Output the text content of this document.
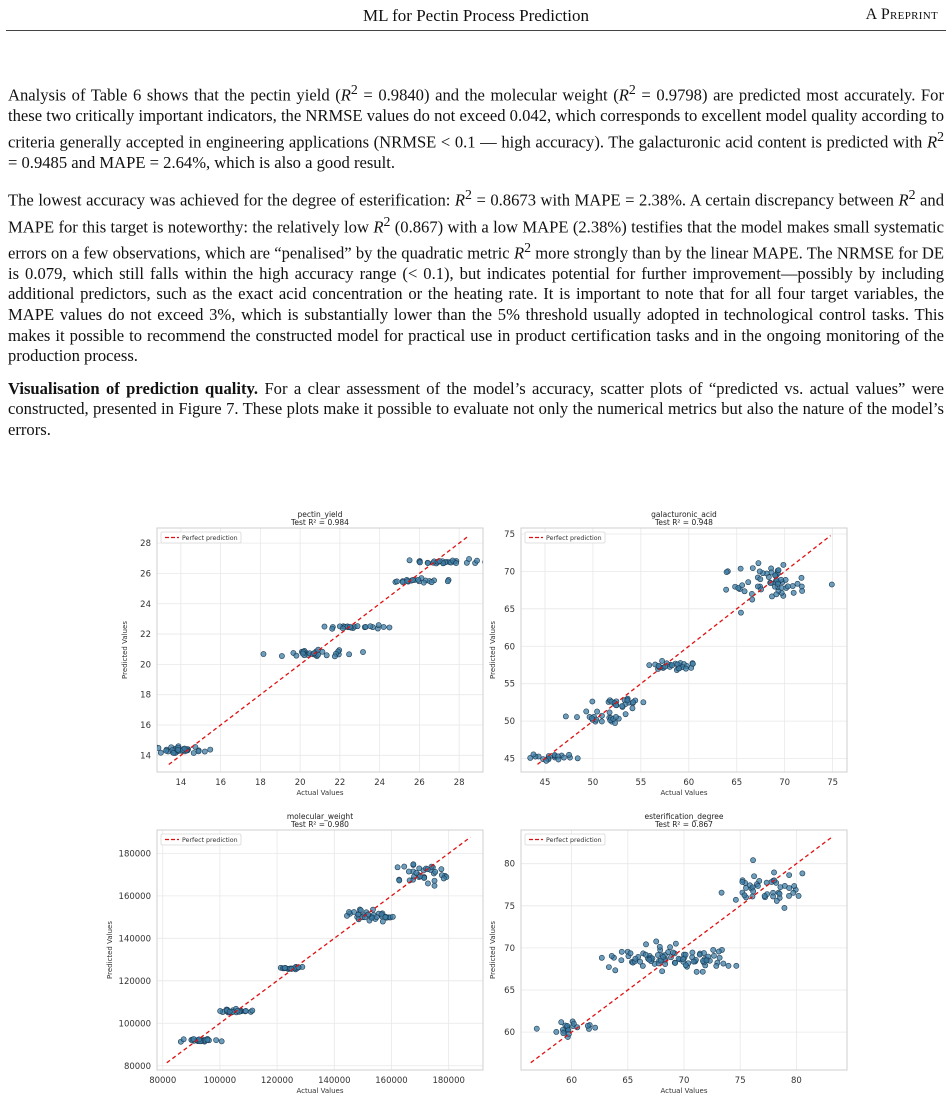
ML for Pectin Process Prediction	A Preprint

Analysis of Table 6 shows that the pectin yield $(R^2 = 0.9840)$ and the molecular weight $(R^2 = 0.9798)$ are predicted most accurately. For these two critically important indicators, the NRMSE values do not exceed 0.042, which corresponds to excellent model quality according to criteria generally accepted in engineering applications (NRMSE < 0.1 — high accuracy). The galacturonic acid content is predicted with $R^2 = 0.9485$ and MAPE = 2.64%, which is also a good result.

The lowest accuracy was achieved for the degree of esterification: $R^2 = 0.8673$ with MAPE = 2.38%. A certain discrepancy between $R^2$ and MAPE for this target is noteworthy: the relatively low $R^2$ (0.867) with a low MAPE (2.38%) testifies that the model makes small systematic errors on a few observations, which are “penalised” by the quadratic metric $R^2$ more strongly than by the linear MAPE. The NRMSE for DE is 0.079, which still falls within the high accuracy range (< 0.1), but indicates potential for further improvement—possibly by including additional predictors, such as the exact acid concentration or the heating rate. It is important to note that for all four target variables, the MAPE values do not exceed 3%, which is substantially lower than the 5% threshold usually adopted in technological control tasks. This makes it possible to recommend the constructed model for practical use in product certification tasks and in the ongoing monitoring of the production process.

Visualisation of prediction quality. For a clear assessment of the model’s accuracy, scatter plots of “predicted vs. actual values” were constructed, presented in Figure 7. These plots make it possible to evaluate not only the numerical metrics but also the nature of the model’s errors.

14	16	18	20	22	24	26	28
14
16
18
20
22
24
26
28
pectin_yield
Test R² = 0.984
Actual Values
Predicted Values
Perfect prediction
45	50	55	60	65	70	75
45
50
55
60
65
70
75
galacturonic_acid
Test R² = 0.948
Actual Values
Predicted Values
Perfect prediction
80000	100000	120000	140000	160000	180000
80000
100000
120000
140000
160000
180000
molecular_weight
Test R² = 0.980
Actual Values
Predicted Values
Perfect prediction
60	65	70	75	80
60
65
70
75
80
esterification_degree
Test R² = 0.867
Actual Values
Predicted Values
Perfect prediction
